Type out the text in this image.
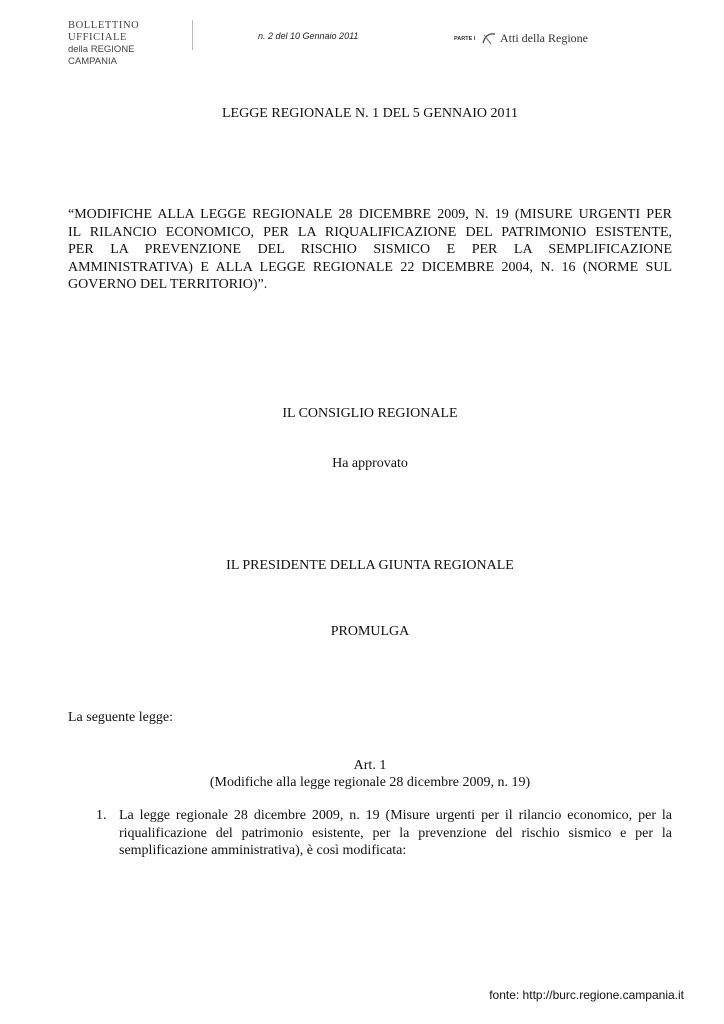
BOLLETTINO UFFICIALE
della REGIONE CAMPANIA
n. 2 del 10 Gennaio 2011	PARTE I Atti della Regione
LEGGE REGIONALE N. 1 DEL 5 GENNAIO 2011
“MODIFICHE ALLA LEGGE REGIONALE 28 DICEMBRE 2009, N. 19 (MISURE URGENTI PER
IL RILANCIO ECONOMICO, PER LA RIQUALIFICAZIONE DEL PATRIMONIO ESISTENTE,
PER LA PREVENZIONE DEL RISCHIO SISMICO E PER LA SEMPLIFICAZIONE
AMMINISTRATIVA) E ALLA LEGGE REGIONALE 22 DICEMBRE 2004, N. 16 (NORME SUL
GOVERNO DEL TERRITORIO)”.
IL CONSIGLIO REGIONALE
Ha approvato
IL PRESIDENTE DELLA GIUNTA REGIONALE
PROMULGA
La seguente legge:
Art. 1
(Modifiche alla legge regionale 28 dicembre 2009, n. 19)
1. La legge regionale 28 dicembre 2009, n. 19 (Misure urgenti per il rilancio economico, per la
riqualificazione del patrimonio esistente, per la prevenzione del rischio sismico e per la
semplificazione amministrativa), è così modificata:
fonte: http://burc.regione.campania.it
